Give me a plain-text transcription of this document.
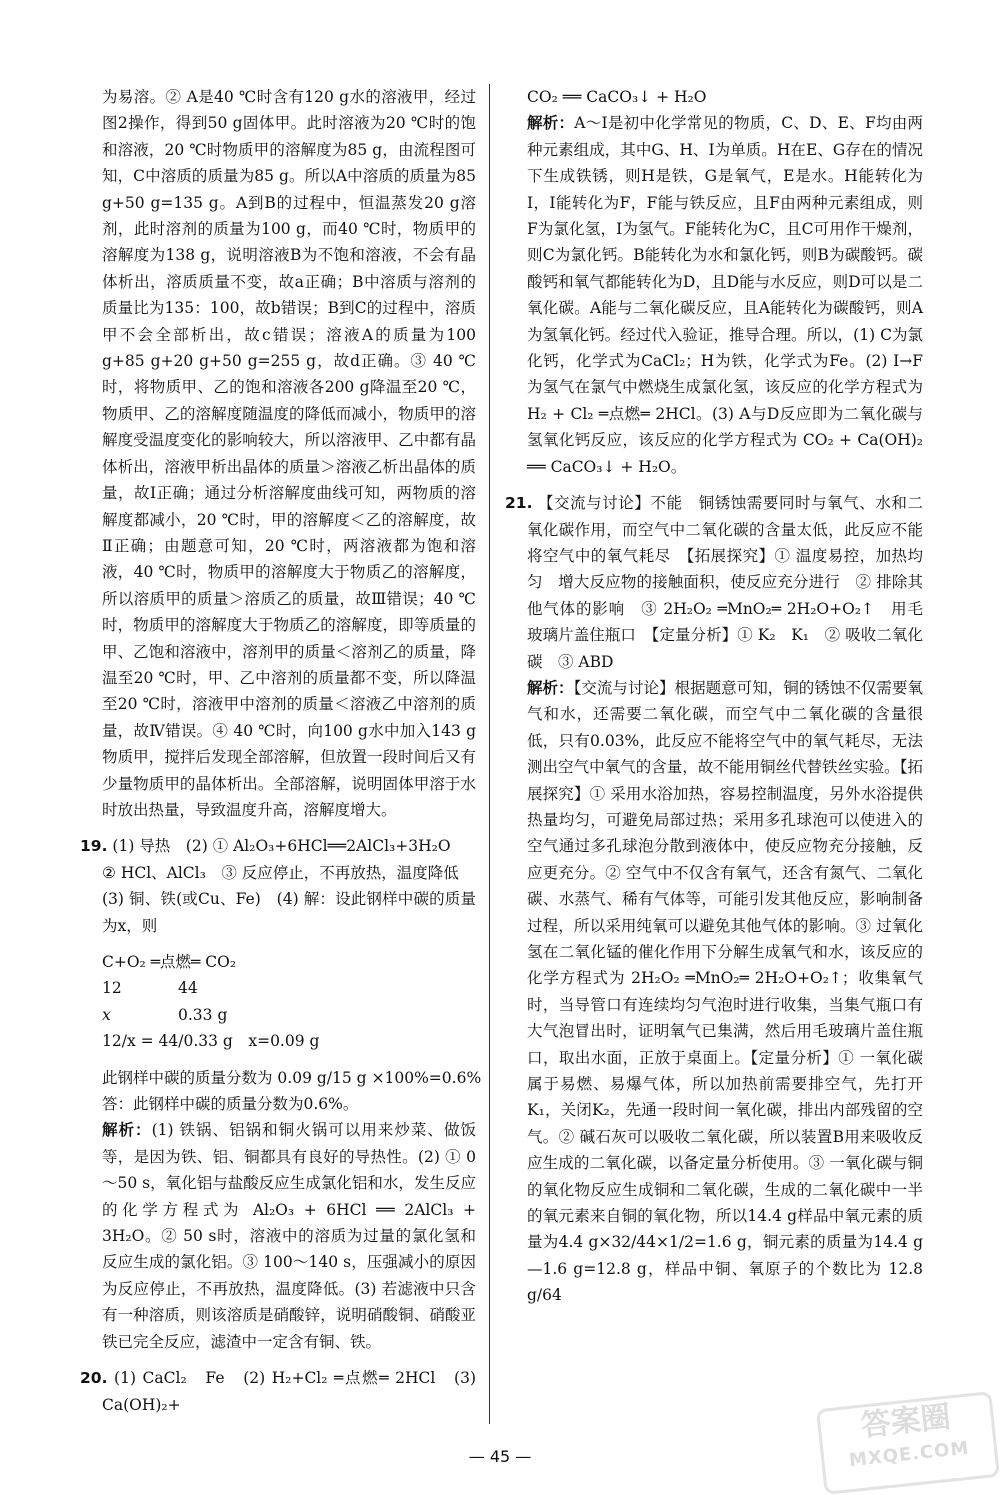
为易溶。② A是40 ℃时含有120 g水的溶液甲，经过图2操作，得到50 g固体甲。此时溶液为20 ℃时的饱和溶液，20 ℃时物质甲的溶解度为85 g，由流程图可知，C中溶质的质量为85 g。所以A中溶质的质量为85 g+50 g=135 g。A到B的过程中，恒温蒸发20 g溶剂，此时溶剂的质量为100 g，而40 ℃时，物质甲的溶解度为138 g，说明溶液B为不饱和溶液，不会有晶体析出，溶质质量不变，故a正确；B中溶质与溶剂的质量比为135：100，故b错误；B到C的过程中，溶质甲不会全部析出，故c错误；溶液A的质量为100 g+85 g+20 g+50 g=255 g，故d正确。③ 40 ℃时，将物质甲、乙的饱和溶液各200 g降温至20 ℃，物质甲、乙的溶解度随温度的降低而减小，物质甲的溶解度受温度变化的影响较大，所以溶液甲、乙中都有晶体析出，溶液甲析出晶体的质量＞溶液乙析出晶体的质量，故Ⅰ正确；通过分析溶解度曲线可知，两物质的溶解度都减小，20 ℃时，甲的溶解度＜乙的溶解度，故Ⅱ正确；由题意可知，20 ℃时，两溶液都为饱和溶液，40 ℃时，物质甲的溶解度大于物质乙的溶解度，所以溶质甲的质量＞溶质乙的质量，故Ⅲ错误；40 ℃时，物质甲的溶解度大于物质乙的溶解度，即等质量的甲、乙饱和溶液中，溶剂甲的质量＜溶剂乙的质量，降温至20 ℃时，甲、乙中溶剂的质量都不变，所以降温至20 ℃时，溶液甲中溶剂的质量＜溶液乙中溶剂的质量，故Ⅳ错误。④ 40 ℃时，向100 g水中加入143 g物质甲，搅拌后发现全部溶解，但放置一段时间后又有少量物质甲的晶体析出。全部溶解，说明固体甲溶于水时放出热量，导致温度升高，溶解度增大。

19. (1) 导热　(2) ① Al₂O₃+6HCl══2AlCl₃+3H₂O

② HCl、AlCl₃　③ 反应停止，不再放热，温度降低

(3) 铜、铁(或Cu、Fe)　(4) 解：设此钢样中碳的质量为x，则

C+O₂ ═点燃═ CO₂

12	44

x	0.33 g

12/x = 44/0.33 g　x=0.09 g

此钢样中碳的质量分数为 0.09 g/15 g ×100%=0.6%

答：此钢样中碳的质量分数为0.6%。

解析：(1) 铁锅、铝锅和铜火锅可以用来炒菜、做饭等，是因为铁、铝、铜都具有良好的导热性。(2) ① 0～50 s，氧化铝与盐酸反应生成氯化铝和水，发生反应的化学方程式为 Al₂O₃ + 6HCl ══ 2AlCl₃ + 3H₂O。② 50 s时，溶液中的溶质为过量的氯化氢和反应生成的氯化铝。③ 100～140 s，压强减小的原因为反应停止，不再放热，温度降低。(3) 若滤液中只含有一种溶质，则该溶质是硝酸锌，说明硝酸铜、硝酸亚铁已完全反应，滤渣中一定含有铜、铁。

20. (1) CaCl₂　Fe　(2) H₂+Cl₂ ═点燃═ 2HCl　(3) Ca(OH)₂+

CO₂ ══ CaCO₃↓ + H₂O

解析：A～I是初中化学常见的物质，C、D、E、F均由两种元素组成，其中G、H、I为单质。H在E、G存在的情况下生成铁锈，则H是铁，G是氧气，E是水。H能转化为I，I能转化为F，F能与铁反应，且F由两种元素组成，则F为氯化氢，I为氢气。F能转化为C，且C可用作干燥剂，则C为氯化钙。B能转化为水和氯化钙，则B为碳酸钙。碳酸钙和氧气都能转化为D，且D能与水反应，则D可以是二氧化碳。A能与二氧化碳反应，且A能转化为碳酸钙，则A为氢氧化钙。经过代入验证，推导合理。所以，(1) C为氯化钙，化学式为CaCl₂；H为铁，化学式为Fe。(2) I→F为氢气在氯气中燃烧生成氯化氢，该反应的化学方程式为 H₂ + Cl₂ ═点燃═ 2HCl。(3) A与D反应即为二氧化碳与氢氧化钙反应，该反应的化学方程式为 CO₂ + Ca(OH)₂ ══ CaCO₃↓ + H₂O。

21. 【交流与讨论】不能　铜锈蚀需要同时与氧气、水和二氧化碳作用，而空气中二氧化碳的含量太低，此反应不能将空气中的氧气耗尽　【拓展探究】① 温度易控，加热均匀　增大反应物的接触面积，使反应充分进行　② 排除其他气体的影响　③ 2H₂O₂ ═MnO₂═ 2H₂O+O₂↑　用毛玻璃片盖住瓶口　【定量分析】① K₂　K₁　② 吸收二氧化碳　③ ABD

解析：【交流与讨论】根据题意可知，铜的锈蚀不仅需要氧气和水，还需要二氧化碳，而空气中二氧化碳的含量很低，只有0.03%，此反应不能将空气中的氧气耗尽，无法测出空气中氧气的含量，故不能用铜丝代替铁丝实验。【拓展探究】① 采用水浴加热，容易控制温度，另外水浴提供热量均匀，可避免局部过热；采用多孔球泡可以使进入的空气通过多孔球泡分散到液体中，使反应物充分接触，反应更充分。② 空气中不仅含有氧气，还含有氮气、二氧化碳、水蒸气、稀有气体等，可能引发其他反应，影响制备过程，所以采用纯氧可以避免其他气体的影响。③ 过氧化氢在二氧化锰的催化作用下分解生成氧气和水，该反应的化学方程式为 2H₂O₂ ═MnO₂═ 2H₂O+O₂↑；收集氧气时，当导管口有连续均匀气泡时进行收集，当集气瓶口有大气泡冒出时，证明氧气已集满，然后用毛玻璃片盖住瓶口，取出水面，正放于桌面上。【定量分析】① 一氧化碳属于易燃、易爆气体，所以加热前需要排空气，先打开K₁，关闭K₂，先通一段时间一氧化碳，排出内部残留的空气。② 碱石灰可以吸收二氧化碳，所以装置B用来吸收反应生成的二氧化碳，以备定量分析使用。③ 一氧化碳与铜的氧化物反应生成铜和二氧化碳，生成的二氧化碳中一半的氧元素来自铜的氧化物，所以14.4 g样品中氧元素的质量为4.4 g×32/44×1/2=1.6 g，铜元素的质量为14.4 g—1.6 g=12.8 g，样品中铜、氧原子的个数比为 12.8 g/64

— 45 —
答案圈
MXQE.COM
